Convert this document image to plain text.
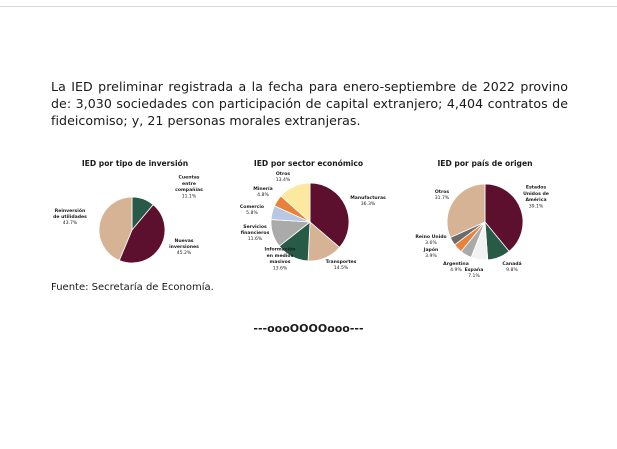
La IED preliminar registrada a la fecha para enero-septiembre de 2022 provino de: 3,030 sociedades con participación de capital extranjero; 4,404 contratos de fideicomiso; y, 21 personas morales extranjeras.
IED por tipo de inversión
Cuentas entre compañías 11.1%
Nuevas inversiones 45.2%
Reinversión de utilidades 43.7%
IED por sector económico
Manufacturas 36.3%
Transportes 14.5%
Información en medios masivos 13.6%
Servicios financieros 11.6%
Comercio 5.8%
Minería 4.8%
Otros 13.4%
IED por país de origen
Estados Unidos de América 39.1%
Canadá 9.8%
España 7.1%
Argentina 4.9%
Japón 3.9%
Reino Unido 3.6%
Otros 31.7%
Fuente: Secretaría de Economía.
---oooOOOOooo---
